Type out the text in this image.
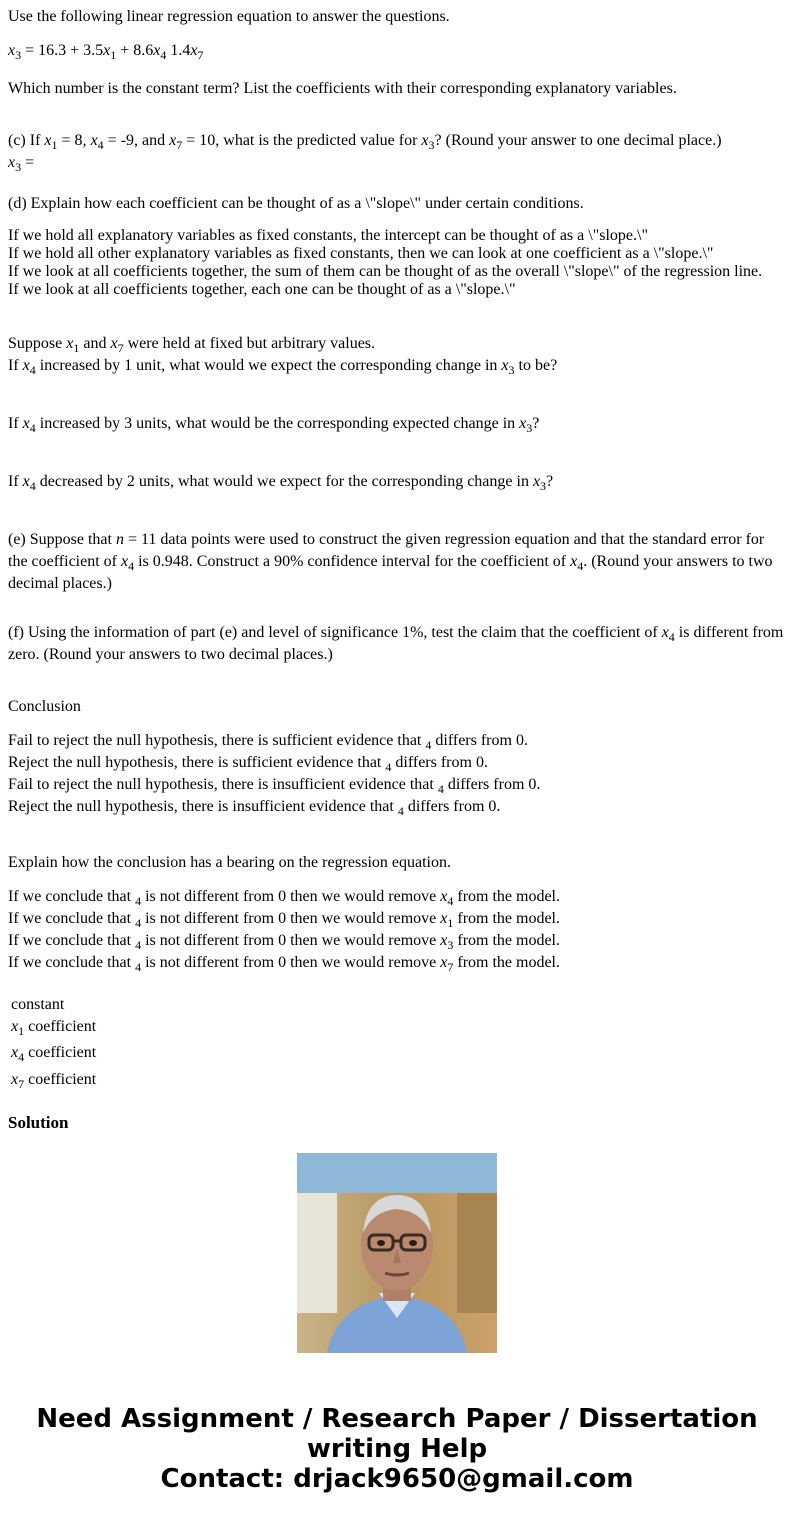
Use the following linear regression equation to answer the questions.

$x_3 = 16.3 + 3.5x_1 + 8.6x_4$ $1.4x_7$

Which number is the constant term? List the coefficients with their corresponding explanatory variables.

(c) If $x_1 = 8$, $x_4 = -9$, and $x_7 = 10$, what is the predicted value for $x_3$? (Round your answer to one decimal place.)

$x_3$ =

(d) Explain how each coefficient can be thought of as a \"slope\" under certain conditions.

If we hold all explanatory variables as fixed constants, the intercept can be thought of as a \"slope.\"

If we hold all other explanatory variables as fixed constants, then we can look at one coefficient as a \"slope.\"

If we look at all coefficients together, the sum of them can be thought of as the overall \"slope\" of the regression line.

If we look at all coefficients together, each one can be thought of as a \"slope.\"

Suppose $x_1$ and $x_7$ were held at fixed but arbitrary values.

If $x_4$ increased by 1 unit, what would we expect the corresponding change in $x_3$ to be?

If $x_4$ increased by 3 units, what would be the corresponding expected change in $x_3$?

If $x_4$ decreased by 2 units, what would we expect for the corresponding change in $x_3$?

(e) Suppose that n = 11 data points were used to construct the given regression equation and that the standard error for the coefficient of $x_4$ is 0.948. Construct a 90% confidence interval for the coefficient of $x_4$. (Round your answers to two decimal places.)

(f) Using the information of part (e) and level of significance 1%, test the claim that the coefficient of $x_4$ is different from zero. (Round your answers to two decimal places.)

Conclusion

Fail to reject the null hypothesis, there is sufficient evidence that $_4$ differs from 0.

Reject the null hypothesis, there is sufficient evidence that $_4$ differs from 0.

Fail to reject the null hypothesis, there is insufficient evidence that $_4$ differs from 0.

Reject the null hypothesis, there is insufficient evidence that $_4$ differs from 0.

Explain how the conclusion has a bearing on the regression equation.

If we conclude that $_4$ is not different from 0 then we would remove $x_4$ from the model.

If we conclude that $_4$ is not different from 0 then we would remove $x_1$ from the model.

If we conclude that $_4$ is not different from 0 then we would remove $x_3$ from the model.

If we conclude that $_4$ is not different from 0 then we would remove $x_7$ from the model.

constant

$x_1$ coefficient

$x_4$ coefficient

$x_7$ coefficient

Solution

Need Assignment / Research Paper / Dissertation

writing Help

Contact: drjack9650@gmail.com
